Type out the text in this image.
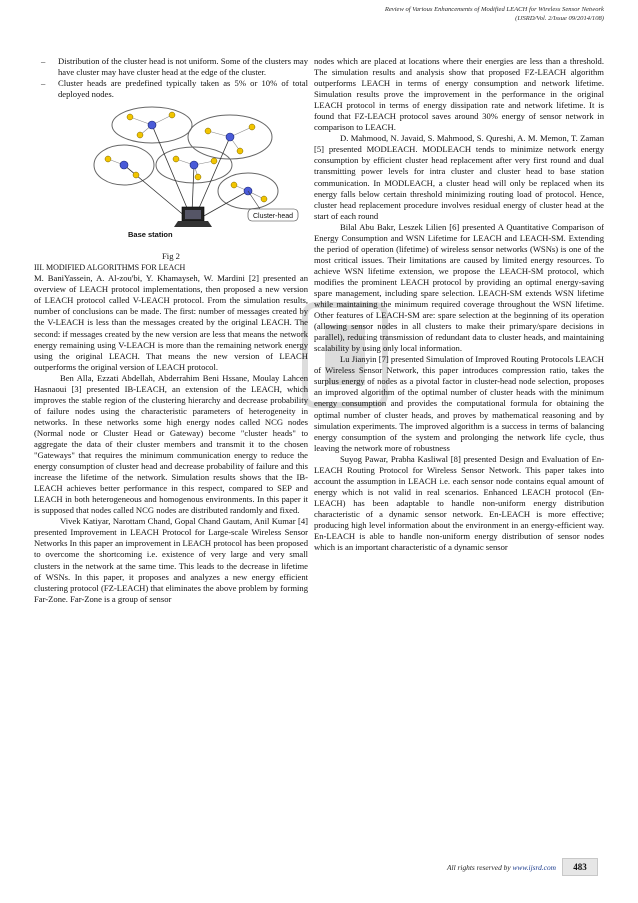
Review of Various Enhancements of Modified LEACH for Wireless Sensor Network
(IJSRD/Vol. 2/Issue 09/2014/108)
– Distribution of the cluster head is not uniform. Some of the clusters may have cluster may have cluster head at the edge of the cluster.
– Cluster heads are predefined typically taken as 5% or 10% of total deployed nodes.
Cluster-head
Base station

Fig 2

III. MODIFIED ALGORITHMS FOR LEACH

M. BaniYassein, A. Al-zou'bi, Y. Khamayseh, W. Mardini [2] presented an overview of LEACH protocol implementations, then proposed a new version of LEACH protocol called V-LEACH protocol. From the simulation results, number of conclusions can be made. The first: number of messages created by the V-LEACH is less than the messages created by the original LEACH. The second: if messages created by the new version are less that means the network energy remaining using V-LEACH is more than the remaining network energy using the original LEACH. That means the new version of LEACH outperforms the original version of LEACH protocol.

Ben Alla, Ezzati Abdellah, Abderrahim Beni Hssane, Moulay Lahcen Hasnaoui [3] presented IB-LEACH, an extension of the LEACH, which improves the stable region of the clustering hierarchy and decrease probability of failure nodes using the characteristic parameters of heterogeneity in networks. In these networks some high energy nodes called NCG nodes (Normal node or Cluster Head or Gateway) become "cluster heads" to aggregate the data of their cluster members and transmit it to the chosen "Gateways" that requires the minimum communication energy to reduce the energy consumption of cluster head and decrease probability of failure and this increase the lifetime of the network. Simulation results shows that the IB-LEACH achieves better performance in this respect, compared to SEP and LEACH in both heterogeneous and homogenous environments. In this paper it is supposed that nodes called NCG nodes are distributed randomly and fixed.

Vivek Katiyar, Narottam Chand, Gopal Chand Gautam, Anil Kumar [4] presented Improvement in LEACH Protocol for Large-scale Wireless Sensor Networks In this paper an improvement in LEACH protocol has been proposed to overcome the shortcoming i.e. existence of very large and very small clusters in the network at the same time. This leads to the decrease in lifetime of WSNs. In this paper, it proposes and analyzes a new energy efficient clustering protocol (FZ-LEACH) that eliminates the above problem by forming Far-Zone. Far-Zone is a group of sensor

nodes which are placed at locations where their energies are less than a threshold. The simulation results and analysis show that proposed FZ-LEACH algorithm outperforms LEACH in terms of energy consumption and network lifetime. Simulation results prove the improvement in the performance in the original LEACH protocol in terms of energy dissipation rate and network lifetime. It is found that FZ-LEACH protocol saves around 30% energy of sensor network in comparison to LEACH.

D. Mahmood, N. Javaid, S. Mahmood, S. Qureshi, A. M. Memon, T. Zaman [5] presented MODLEACH. MODLEACH tends to minimize network energy consumption by efficient cluster head replacement after very first round and dual transmitting power levels for intra cluster and cluster head to base station communication. In MODLEACH, a cluster head will only be replaced when its energy falls below certain threshold minimizing routing load of protocol. Hence, cluster head replacement procedure involves residual energy of cluster head at the start of each round

Bilal Abu Bakr, Leszek Lilien [6] presented A Quantitative Comparison of Energy Consumption and WSN Lifetime for LEACH and LEACH-SM. Extending the period of operation (lifetime) of wireless sensor networks (WSNs) is one of the most critical issues. Their limitations are caused by limited energy resources. To achieve WSN lifetime extension, we propose the LEACH-SM protocol, which modifies the prominent LEACH protocol by providing an optimal energy-saving spare management, including spare selection. LEACH-SM extends WSN lifetime while maintaining the minimum required coverage throughout the WSN lifetime. Other features of LEACH-SM are: spare selection at the beginning of its operation (allowing sensor nodes in all clusters to make their primary/spare decisions in parallel), reducing transmission of redundant data to cluster heads, and maintaining scalability by using only local information.

Lu Jianyin [7] presented Simulation of Improved Routing Protocols LEACH of Wireless Sensor Network, this paper introduces compression ratio, takes the surplus energy of nodes as a pivotal factor in cluster-head node selection, proposes an improved algorithm of the optimal number of cluster heads with the minimum energy consumption and provides the computational formula for obtaining the optimal number of cluster heads, and proves by mathematical reasoning and by simulation experiments. The improved algorithm is a success in terms of balancing energy consumption of the system and prolonging the network life cycle, thus leaving the network more of robustness

Suyog Pawar, Prabha Kasliwal [8] presented Design and Evaluation of En-LEACH Routing Protocol for Wireless Sensor Network. This paper takes into account the assumption in LEACH i.e. each sensor node contains equal amount of energy which is not valid in real scenarios. Enhanced LEACH protocol (En-LEACH) has been adaptable to handle non-uniform energy distribution characteristic of a dynamic sensor network. En-LEACH is more effective; producing high level information about the environment in an energy-efficient way. En-LEACH is able to handle non-uniform energy distribution of sensor nodes which is an important characteristic of a dynamic sensor

All rights reserved by www.ijsrd.com	483
